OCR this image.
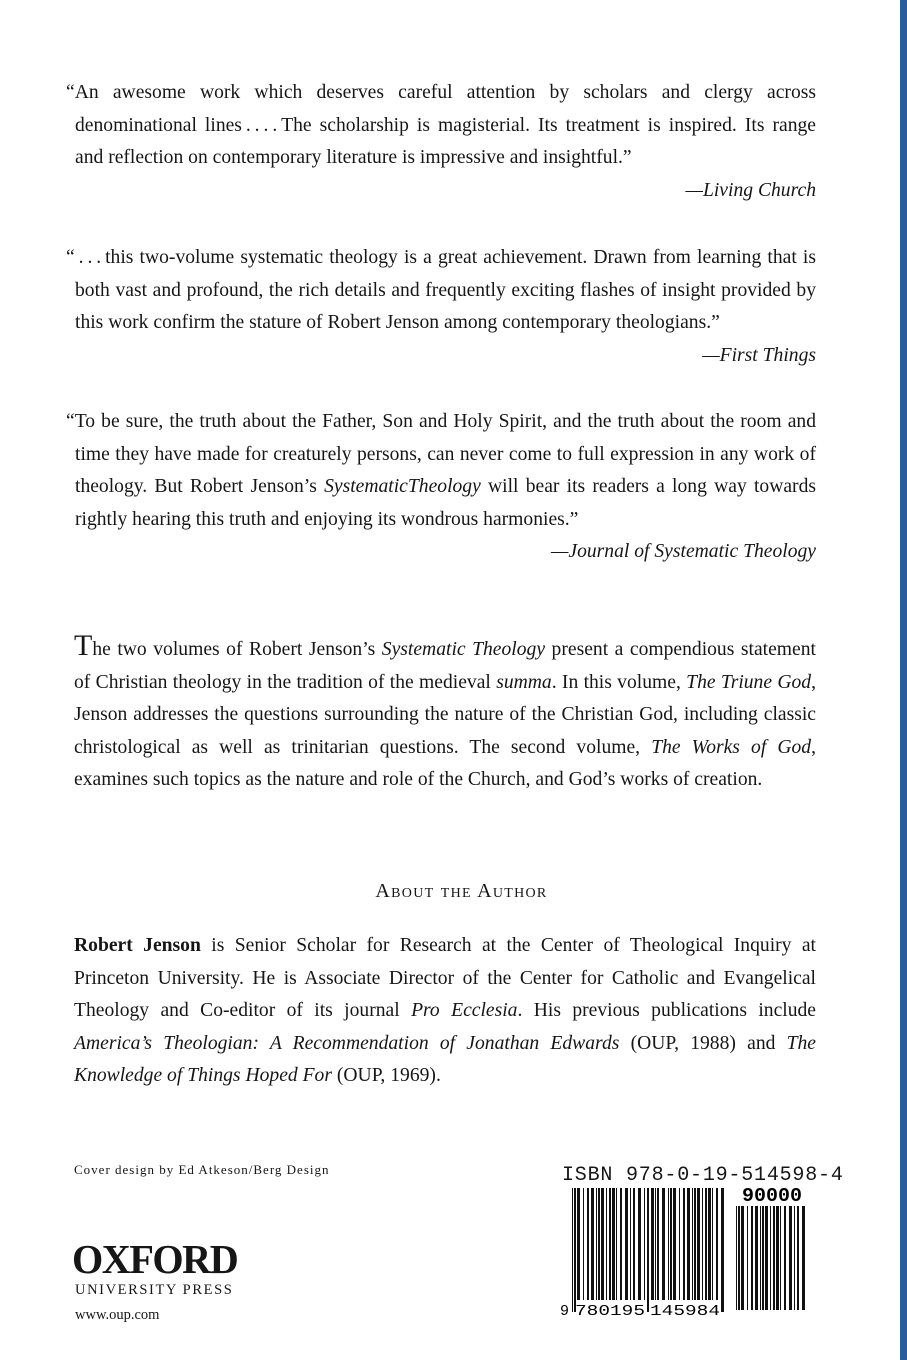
“An awesome work which deserves careful attention by scholars and clergy across denominational lines . . . . The scholarship is magisterial. Its treatment is inspired. Its range and reflection on contemporary literature is impressive and insightful.”

—Living Church

“ . . . this two-volume systematic theology is a great achievement. Drawn from learning that is both vast and profound, the rich details and frequently exciting flashes of insight provided by this work confirm the stature of Robert Jenson among contemporary theologians.”

—First Things

“To be sure, the truth about the Father, Son and Holy Spirit, and the truth about the room and time they have made for creaturely persons, can never come to full expression in any work of theology. But Robert Jenson’s SystematicTheology will bear its readers a long way towards rightly hearing this truth and enjoying its wondrous harmonies.”

—Journal of Systematic Theology
The two volumes of Robert Jenson’s Systematic Theology present a compendious statement of Christian theology in the tradition of the medieval summa. In this volume, The Triune God, Jenson addresses the questions surrounding the nature of the Christian God, including classic christological as well as trinitarian questions. The second volume, The Works of God, examines such topics as the nature and role of the Church, and God’s works of creation.
About the Author
Robert Jenson is Senior Scholar for Research at the Center of Theological Inquiry at Princeton University. He is Associate Director of the Center for Catholic and Evangelical Theology and Co-editor of its journal Pro Ecclesia. His previous publications include America’s Theologian: A Recommendation of Jonathan Edwards (OUP, 1988) and The Knowledge of Things Hoped For (OUP, 1969).
Cover design by Ed Atkeson/Berg Design
OXFORD
UNIVERSITY PRESS
www.oup.com
ISBN 978-0-19-514598-4
9 780195 145984
90000
